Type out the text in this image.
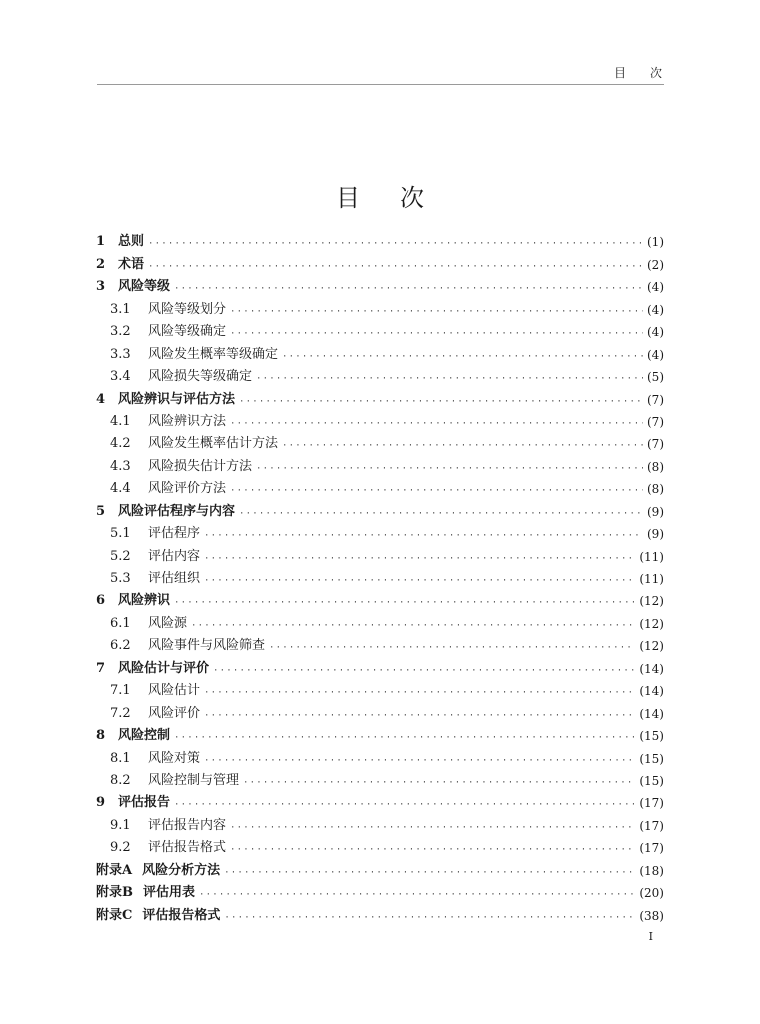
目次
目次
1 总则 ·····	(1)
2 术语 ·····	(2)
3 风险等级 ·····	(4)
3.1	风险等级划分 ·····	(4)
3.2	风险等级确定 ·····	(4)
3.3	风险发生概率等级确定 ·····	(4)
3.4	风险损失等级确定 ·····	(5)
4 风险辨识与评估方法 ·····	(7)
4.1	风险辨识方法 ·····	(7)
4.2	风险发生概率估计方法 ·····	(7)
4.3	风险损失估计方法 ·····	(8)
4.4	风险评价方法 ·····	(8)
5 风险评估程序与内容 ·····	(9)
5.1	评估程序 ·····	(9)
5.2	评估内容 ·····	(11)
5.3	评估组织 ·····	(11)
6 风险辨识 ·····	(12)
6.1	风险源 ·····	(12)
6.2	风险事件与风险筛查 ·····	(12)
7 风险估计与评价 ·····	(14)
7.1	风险估计 ·····	(14)
7.2	风险评价 ·····	(14)
8 风险控制 ·····	(15)
8.1	风险对策 ·····	(15)
8.2	风险控制与管理 ·····	(15)
9 评估报告 ·····	(17)
9.1	评估报告内容 ·····	(17)
9.2	评估报告格式 ·····	(17)
附录A 风险分析方法 ·····	(18)
附录B 评估用表 ·····	(20)
附录C 评估报告格式 ·····	(38)
I
